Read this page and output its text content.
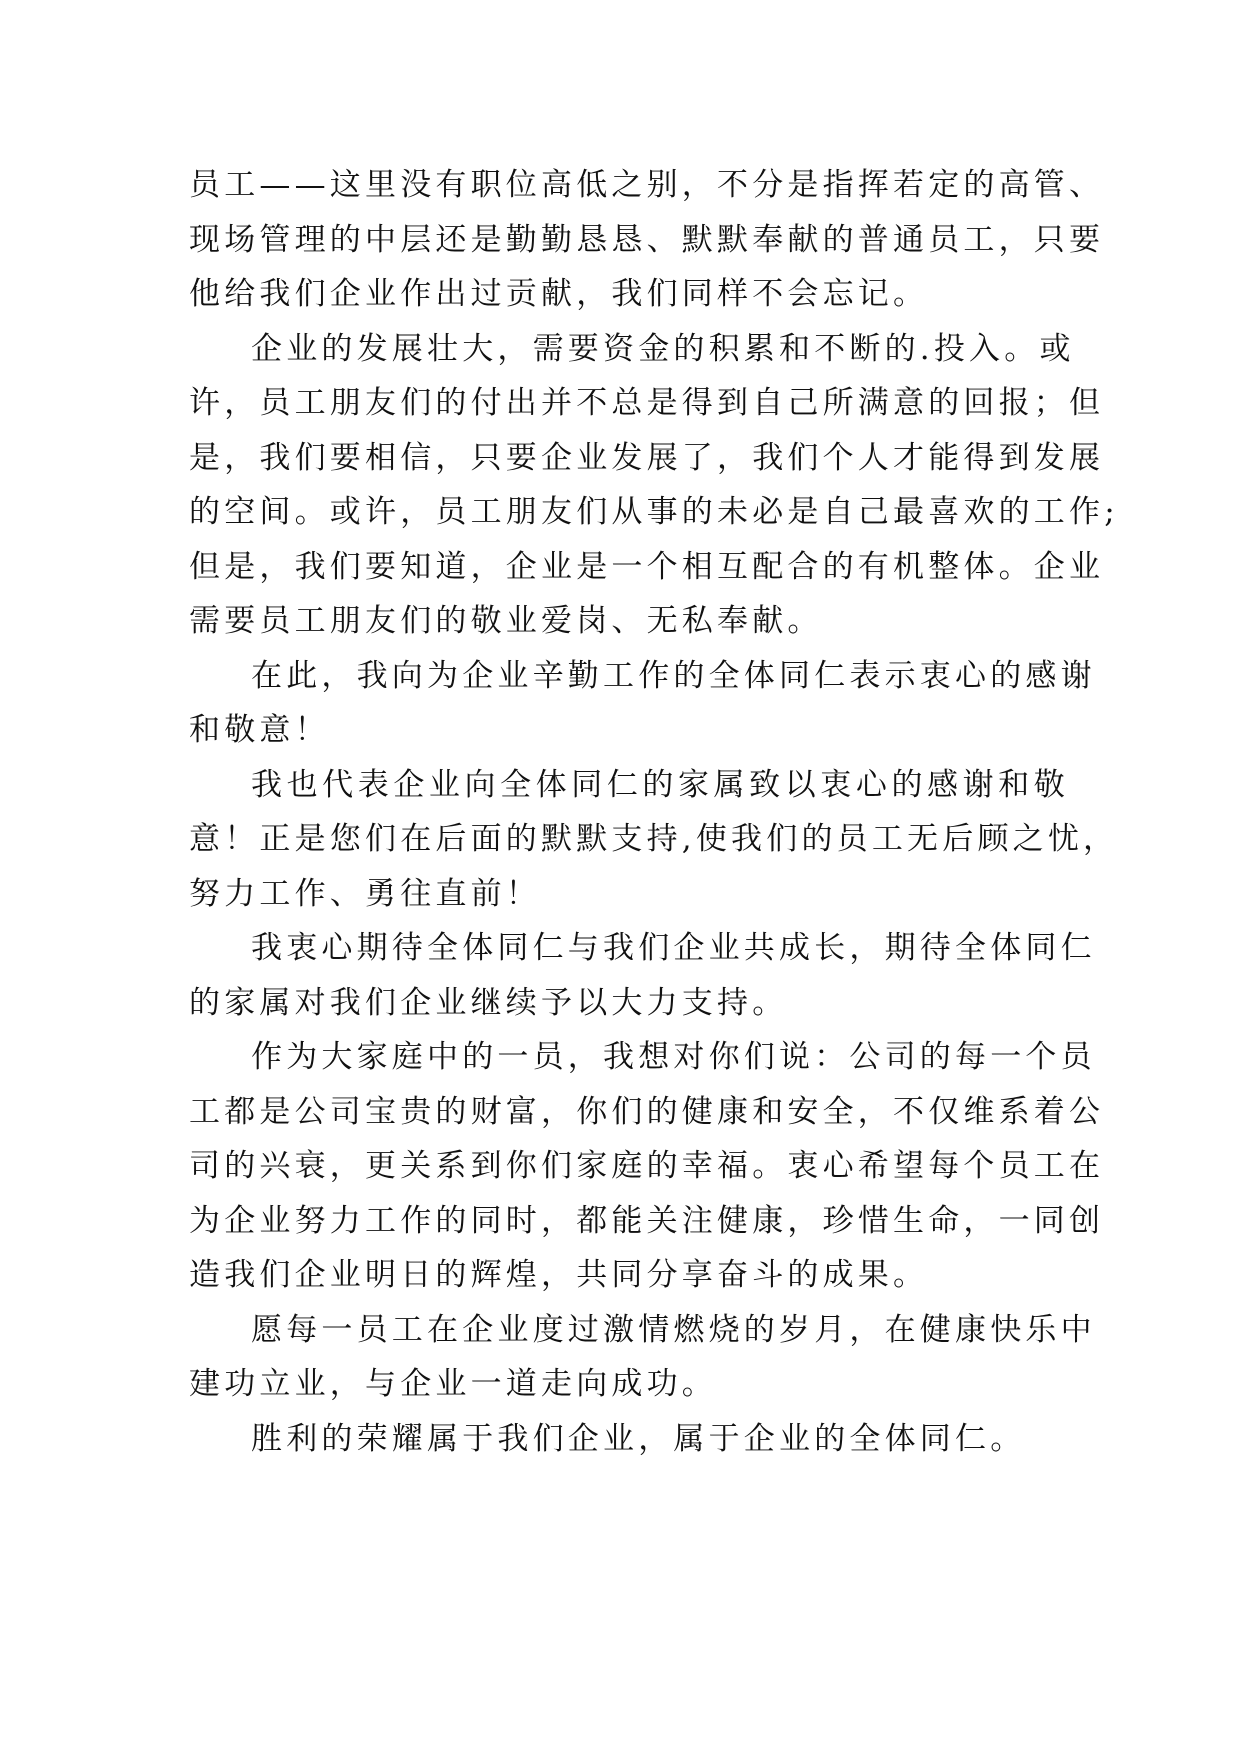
员工——这里没有职位高低之别，不分是指挥若定的高管、
现场管理的中层还是勤勤恳恳、默默奉献的普通员工，只要
他给我们企业作出过贡献，我们同样不会忘记。
企业的发展壮大，需要资金的积累和不断的.投入。或
许，员工朋友们的付出并不总是得到自己所满意的回报；但
是，我们要相信，只要企业发展了，我们个人才能得到发展
的空间。或许，员工朋友们从事的未必是自己最喜欢的工作;
但是，我们要知道，企业是一个相互配合的有机整体。企业
需要员工朋友们的敬业爱岗、无私奉献。
在此，我向为企业辛勤工作的全体同仁表示衷心的感谢
和敬意！
我也代表企业向全体同仁的家属致以衷心的感谢和敬
意！正是您们在后面的默默支持,使我们的员工无后顾之忧，
努力工作、勇往直前！
我衷心期待全体同仁与我们企业共成长，期待全体同仁
的家属对我们企业继续予以大力支持。
作为大家庭中的一员，我想对你们说：公司的每一个员
工都是公司宝贵的财富，你们的健康和安全，不仅维系着公
司的兴衰，更关系到你们家庭的幸福。衷心希望每个员工在
为企业努力工作的同时，都能关注健康，珍惜生命，一同创
造我们企业明日的辉煌，共同分享奋斗的成果。
愿每一员工在企业度过激情燃烧的岁月，在健康快乐中
建功立业，与企业一道走向成功。
胜利的荣耀属于我们企业，属于企业的全体同仁。
